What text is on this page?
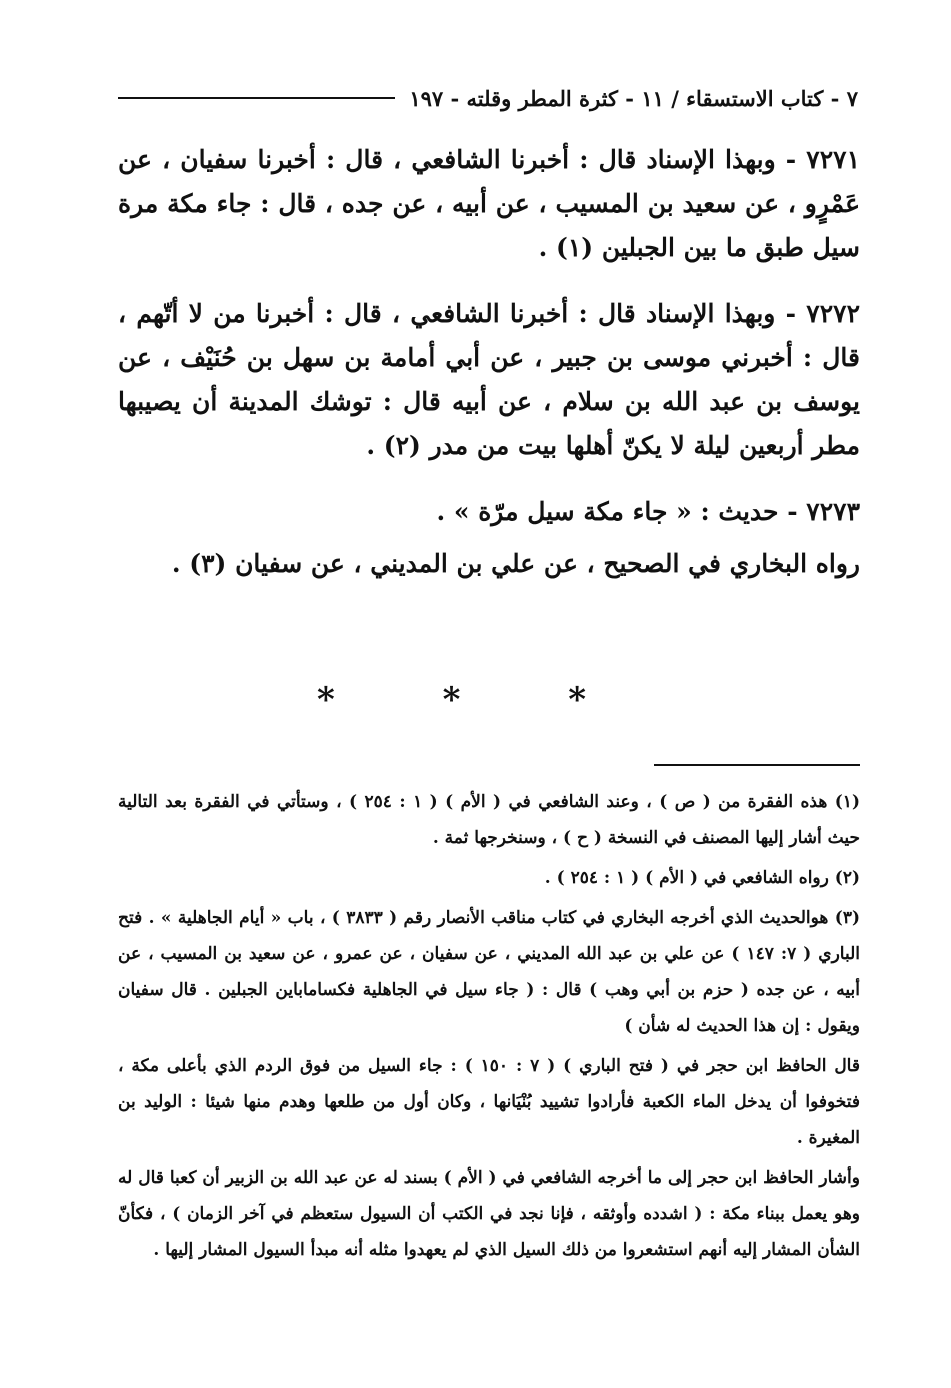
٧ - كتاب الاستسقاء / ١١ - كثرة المطر وقلته - ١٩٧

٧٢٧١ - وبهذا الإسناد قال : أخبرنا الشافعي ، قال : أخبرنا سفيان ، عن عَمْرٍو ، عن سعيد بن المسيب ، عن أبيه ، عن جده ، قال : جاء مكة مرة سيل طبق ما بين الجبلين (١) .

٧٢٧٢ - وبهذا الإسناد قال : أخبرنا الشافعي ، قال : أخبرنا من لا أتّهم ، قال : أخبرني موسى بن جبير ، عن أبي أمامة بن سهل بن حُنَيْف ، عن يوسف بن عبد الله بن سلام ، عن أبيه قال : توشك المدينة أن يصيبها مطر أربعين ليلة لا يكنّ أهلها بيت من مدر (٢) .

٧٢٧٣ - حديث : « جاء مكة سيل مرّة » .

رواه البخاري في الصحيح ، عن علي بن المديني ، عن سفيان (٣) .

* * *

(١) هذه الفقرة من ( ص ) ، وعند الشافعي في ( الأم ) ( ١ : ٢٥٤ ) ، وستأتي في الفقرة بعد التالية حيث أشار إليها المصنف في النسخة ( ح ) ، وسنخرجها ثمة .

(٢) رواه الشافعي في ( الأم ) ( ١ : ٢٥٤ ) .

(٣) هوالحديث الذي أخرجه البخاري في كتاب مناقب الأنصار رقم ( ٣٨٣٣ ) ، باب « أيام الجاهلية » . فتح الباري ( ٧: ١٤٧ ) عن علي بن عبد الله المديني ، عن سفيان ، عن عمرو ، عن سعيد بن المسيب ، عن أبيه ، عن جده ( حزم بن أبي وهب ) قال : ( جاء سيل في الجاهلية فكساماباين الجبلين . قال سفيان ويقول : إن هذا الحديث له شأن )

قال الحافظ ابن حجر في ( فتح الباري ) ( ٧ : ١٥٠ ) : جاء السيل من فوق الردم الذي بأعلى مكة ، فتخوفوا أن يدخل الماء الكعبة فأرادوا تشييد بُنْيَانها ، وكان أول من طلعها وهدم منها شيئا : الوليد بن المغيرة .

وأشار الحافظ ابن حجر إلى ما أخرجه الشافعي في ( الأم ) بسند له عن عبد الله بن الزبير أن كعبا قال له وهو يعمل ببناء مكة : ( اشدده وأوثقه ، فإنا نجد في الكتب أن السيول ستعظم في آخر الزمان ) ، فكأنّ الشأن المشار إليه أنهم استشعروا من ذلك السيل الذي لم يعهدوا مثله أنه مبدأ السيول المشار إليها .
